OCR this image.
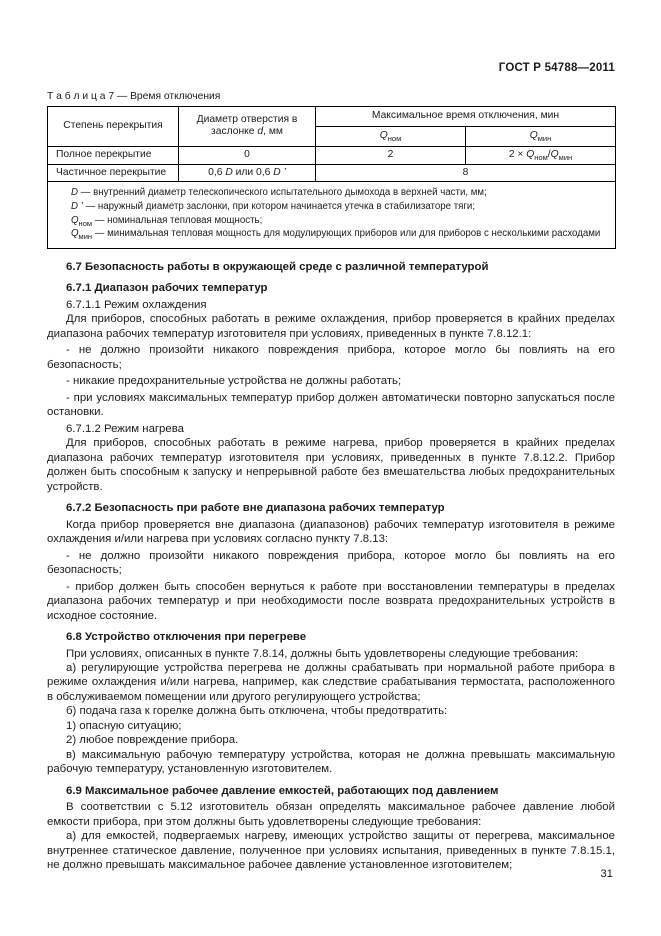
ГОСТ Р 54788—2011
Т а б л и ц а 7 — Время отключения
Степень перекрытия	Диаметр отверстия в заслонке d, мм	Максимальное время отключения, мин	
		$Q_{ном}$	$Q_{мин}$
Полное перекрытие	0	2	$2 \times Q_{ном}/Q_{мин}$
Частичное перекрытие	0,6 D или 0,6 D ’	8	

D — внутренний диаметр телескопического испытательного дымохода в верхней части, мм;
D ’ — наружный диаметр заслонки, при котором начинается утечка в стабилизаторе тяги;
$Q_{ном}$ — номинальная тепловая мощность;
$Q_{мин}$ — минимальная тепловая мощность для модулирующих приборов или для приборов с несколькими расходами			

6.7 Безопасность работы в окружающей среде с различной температурой

6.7.1 Диапазон рабочих температур

6.7.1.1 Режим охлаждения

Для приборов, способных работать в режиме охлаждения, прибор проверяется в крайних пределах диапазона рабочих температур изготовителя при условиях, приведенных в пункте 7.8.12.1:

- не должно произойти никакого повреждения прибора, которое могло бы повлиять на его безопасность;

- никакие предохранительные устройства не должны работать;

- при условиях максимальных температур прибор должен автоматически повторно запускаться после остановки.

6.7.1.2 Режим нагрева

Для приборов, способных работать в режиме нагрева, прибор проверяется в крайних пределах диапазона рабочих температур изготовителя при условиях, приведенных в пункте 7.8.12.2. Прибор должен быть способным к запуску и непрерывной работе без вмешательства любых предохранительных устройств.

6.7.2 Безопасность при работе вне диапазона рабочих температур

Когда прибор проверяется вне диапазона (диапазонов) рабочих температур изготовителя в режиме охлаждения и/или нагрева при условиях согласно пункту 7.8.13:

- не должно произойти никакого повреждения прибора, которое могло бы повлиять на его безопасность;

- прибор должен быть способен вернуться к работе при восстановлении температуры в пределах диапазона рабочих температур и при необходимости после возврата предохранительных устройств в исходное состояние.

6.8 Устройство отключения при перегреве

При условиях, описанных в пункте 7.8.14, должны быть удовлетворены следующие требования:

а) регулирующие устройства перегрева не должны срабатывать при нормальной работе прибора в режиме охлаждения и/или нагрева, например, как следствие срабатывания термостата, расположенного в обслуживаемом помещении или другого регулирующего устройства;

б) подача газа к горелке должна быть отключена, чтобы предотвратить:

1) опасную ситуацию;

2) любое повреждение прибора.

в) максимальную рабочую температуру устройства, которая не должна превышать максимальную рабочую температуру, установленную изготовителем.

6.9 Максимальное рабочее давление емкостей, работающих под давлением

В соответствии с 5.12 изготовитель обязан определять максимальное рабочее давление любой емкости прибора, при этом должны быть удовлетворены следующие требования:

а) для емкостей, подвергаемых нагреву, имеющих устройство защиты от перегрева, максимальное внутреннее статическое давление, полученное при условиях испытания, приведенных в пункте 7.8.15.1, не должно превышать максимальное рабочее давление установленное изготовителем;

31
